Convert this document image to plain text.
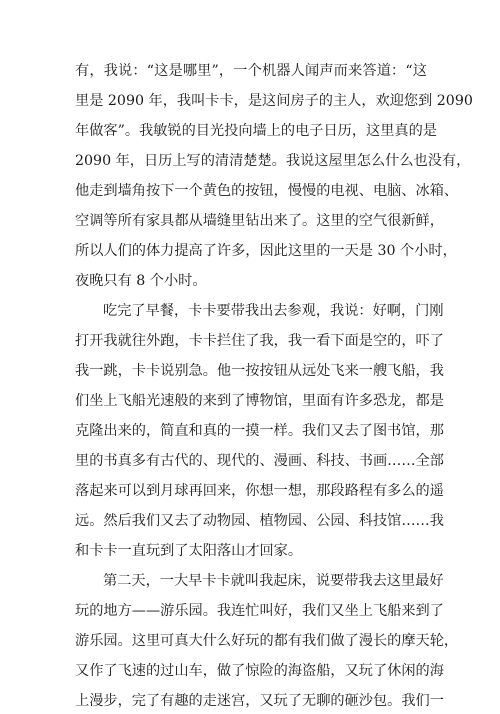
有，我说：“这是哪里”，一个机器人闻声而来答道：“这
里是 2090 年，我叫卡卡，是这间房子的主人，欢迎您到 2090
年做客”。我敏锐的目光投向墙上的电子日历，这里真的是
2090 年，日历上写的清清楚楚。我说这屋里怎么什么也没有，
他走到墙角按下一个黄色的按钮，慢慢的电视、电脑、冰箱、
空调等所有家具都从墙缝里钻出来了。这里的空气很新鲜，
所以人们的体力提高了许多，因此这里的一天是 30 个小时，
夜晚只有 8 个小时。
吃完了早餐，卡卡要带我出去参观，我说：好啊，门刚
打开我就往外跑，卡卡拦住了我，我一看下面是空的，吓了
我一跳，卡卡说别急。他一按按钮从远处飞来一艘飞船，我
们坐上飞船光速般的来到了博物馆，里面有许多恐龙，都是
克隆出来的，简直和真的一摸一样。我们又去了图书馆，那
里的书真多有古代的、现代的、漫画、科技、书画……全部
落起来可以到月球再回来，你想一想，那段路程有多么的遥
远。然后我们又去了动物园、植物园、公园、科技馆……我
和卡卡一直玩到了太阳落山才回家。
第二天，一大早卡卡就叫我起床，说要带我去这里最好
玩的地方——游乐园。我连忙叫好，我们又坐上飞船来到了
游乐园。这里可真大什么好玩的都有我们做了漫长的摩天轮，
又作了飞速的过山车，做了惊险的海盗船，又玩了休闲的海
上漫步，完了有趣的走迷宫，又玩了无聊的砸沙包。我们一
